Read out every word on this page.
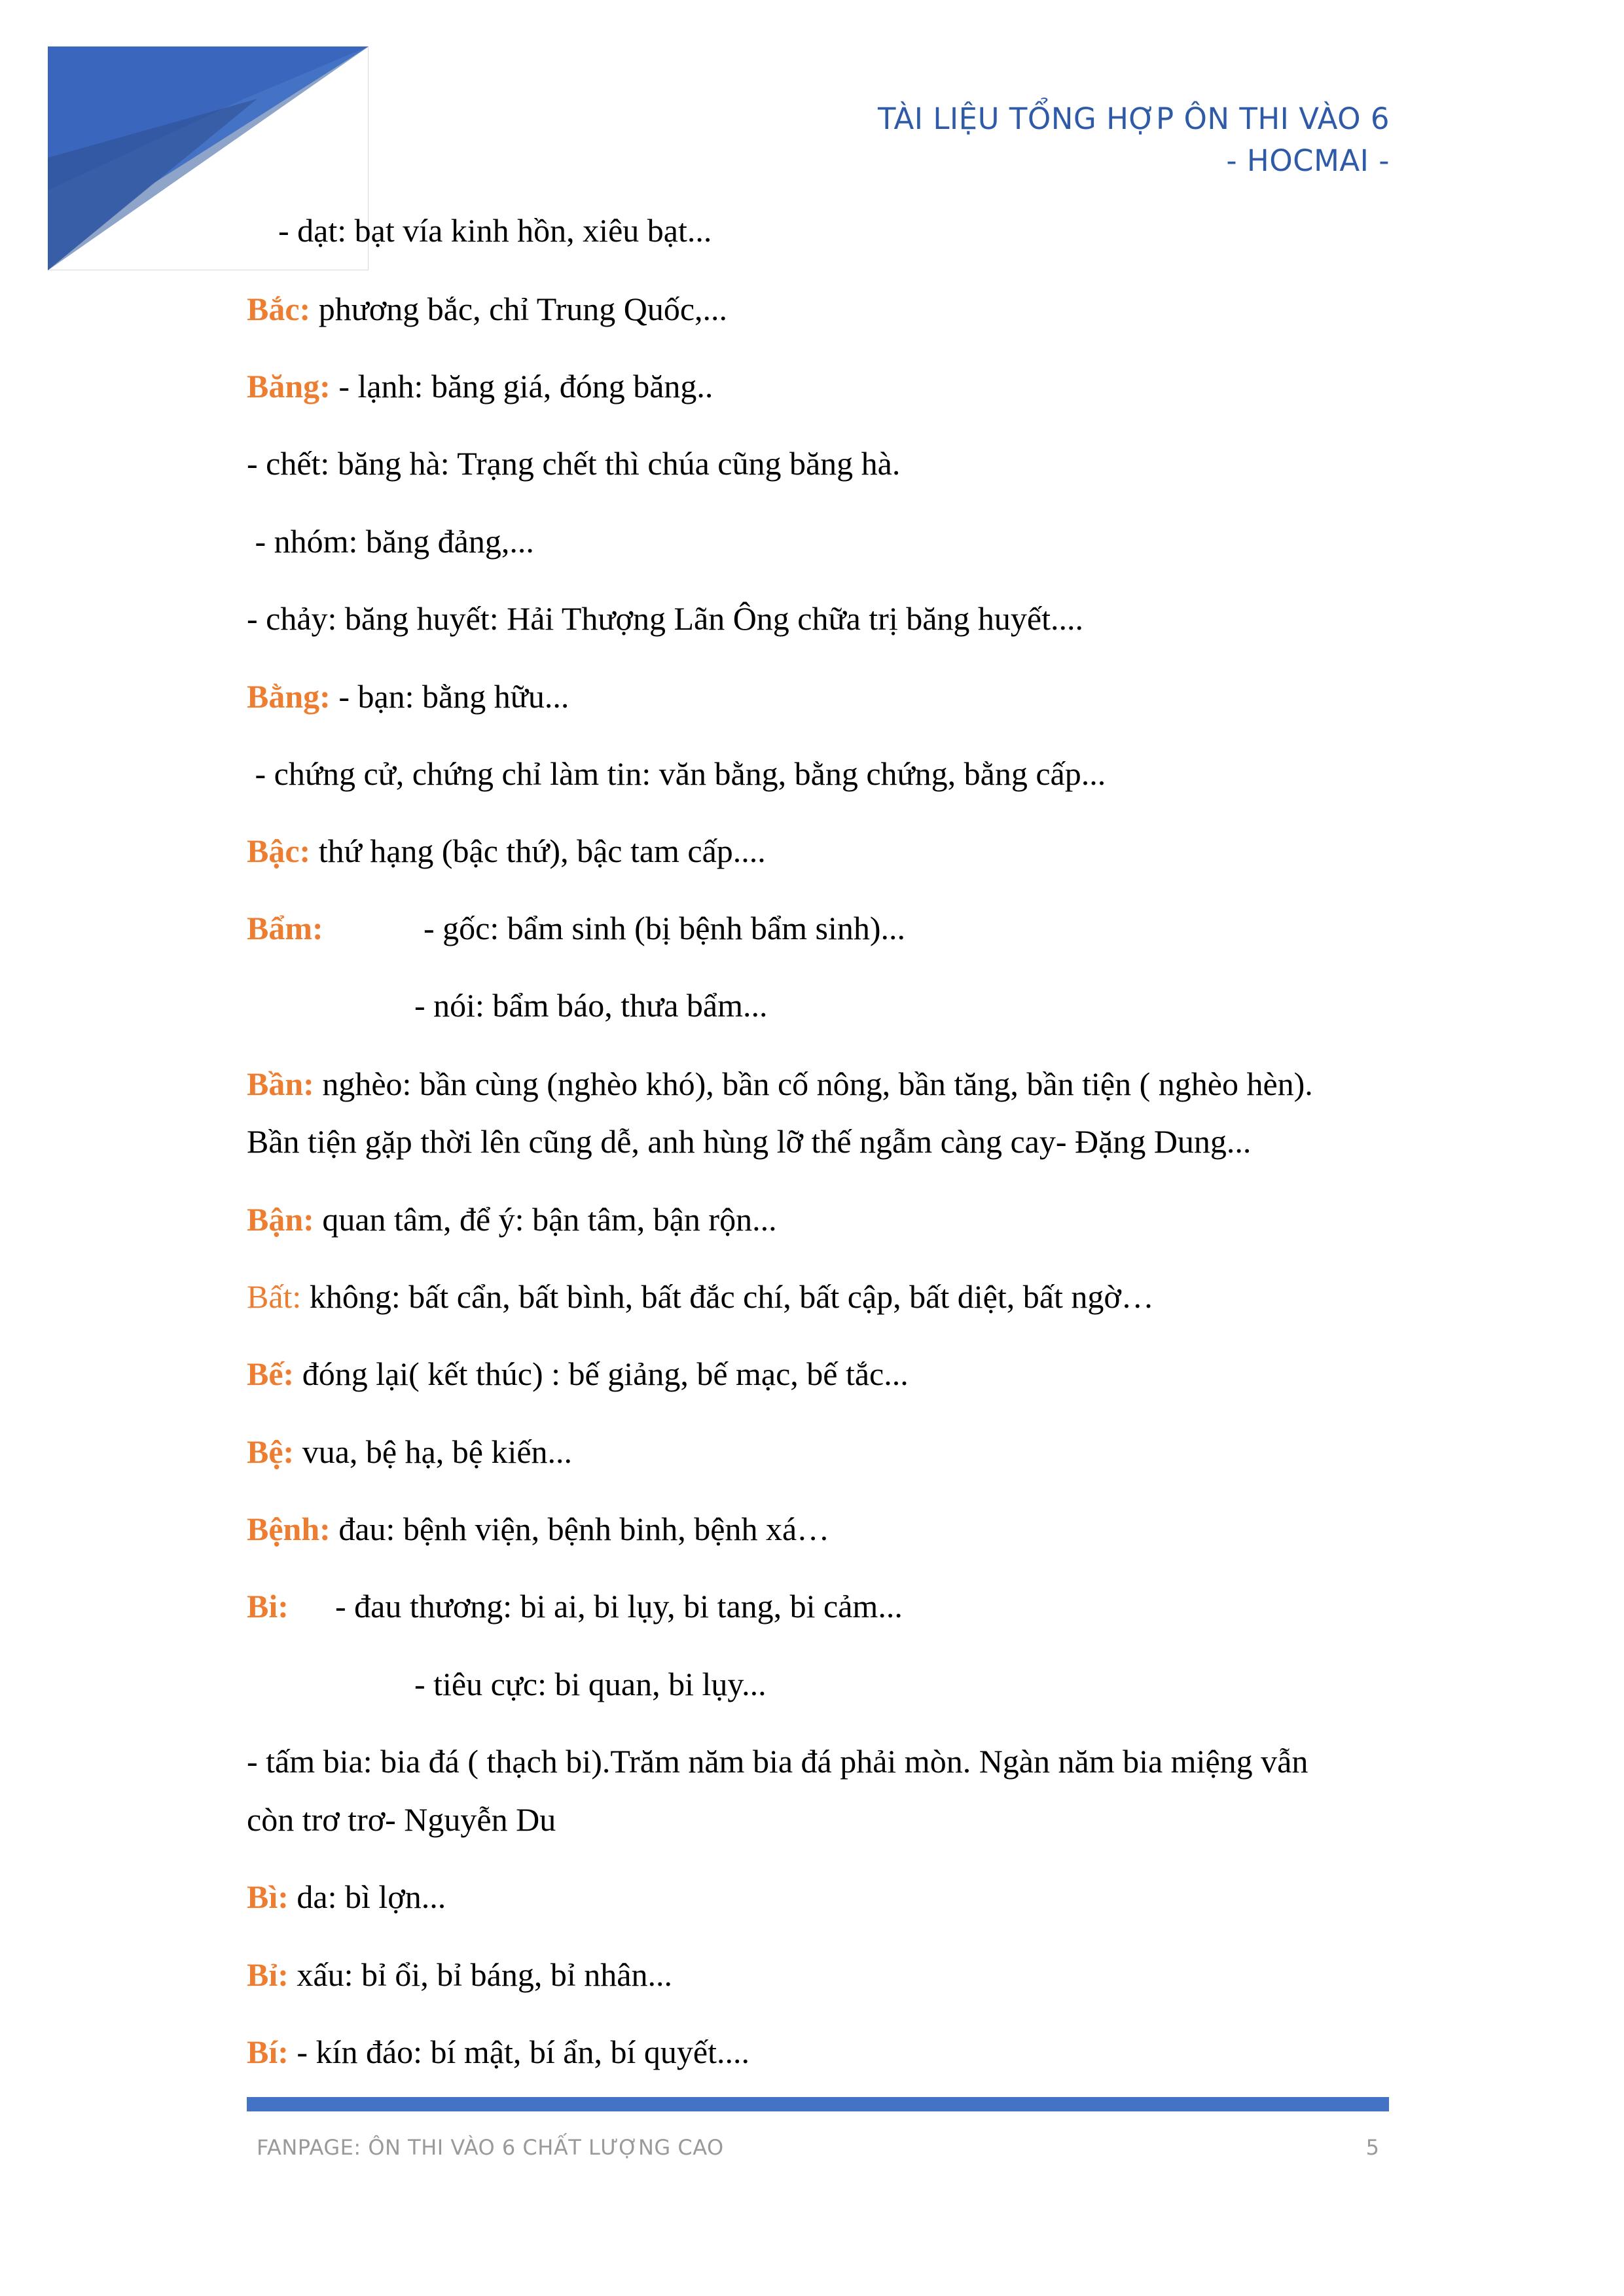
TÀI LIỆU TỔNG HỢP ÔN THI VÀO 6
- HOCMAI -
- dạt: bạt vía kinh hồn, xiêu bạt...
Bắc: phương bắc, chỉ Trung Quốc,...
Băng: - lạnh: băng giá, đóng băng..
- chết: băng hà: Trạng chết thì chúa cũng băng hà.
- nhóm: băng đảng,...
- chảy: băng huyết: Hải Thượng Lãn Ông chữa trị băng huyết....
Bằng: - bạn: bằng hữu...
- chứng cử, chứng chỉ làm tin: văn bằng, bằng chứng, bằng cấp...
Bậc: thứ hạng (bậc thứ), bậc tam cấp....
Bẩm:	- gốc: bẩm sinh (bị bệnh bẩm sinh)...
- nói: bẩm báo, thưa bẩm...
Bần: nghèo: bần cùng (nghèo khó), bần cố nông, bần tăng, bần tiện ( nghèo hèn).
Bần tiện gặp thời lên cũng dễ, anh hùng lỡ thế ngẫm càng cay- Đặng Dung...
Bận: quan tâm, để ý: bận tâm, bận rộn...
Bất: không: bất cẩn, bất bình, bất đắc chí, bất cập, bất diệt, bất ngờ…
Bế: đóng lại( kết thúc) : bế giảng, bế mạc, bế tắc...
Bệ: vua, bệ hạ, bệ kiến...
Bệnh: đau: bệnh viện, bệnh binh, bệnh xá…
Bi: - đau thương: bi ai, bi lụy, bi tang, bi cảm...
- tiêu cực: bi quan, bi lụy...
- tấm bia: bia đá ( thạch bi).Trăm năm bia đá phải mòn. Ngàn năm bia miệng vẫn
còn trơ trơ- Nguyễn Du
Bì: da: bì lợn...
Bỉ: xấu: bỉ ổi, bỉ báng, bỉ nhân...
Bí: - kín đáo: bí mật, bí ẩn, bí quyết....
FANPAGE: ÔN THI VÀO 6 CHẤT LƯỢNG CAO	5
